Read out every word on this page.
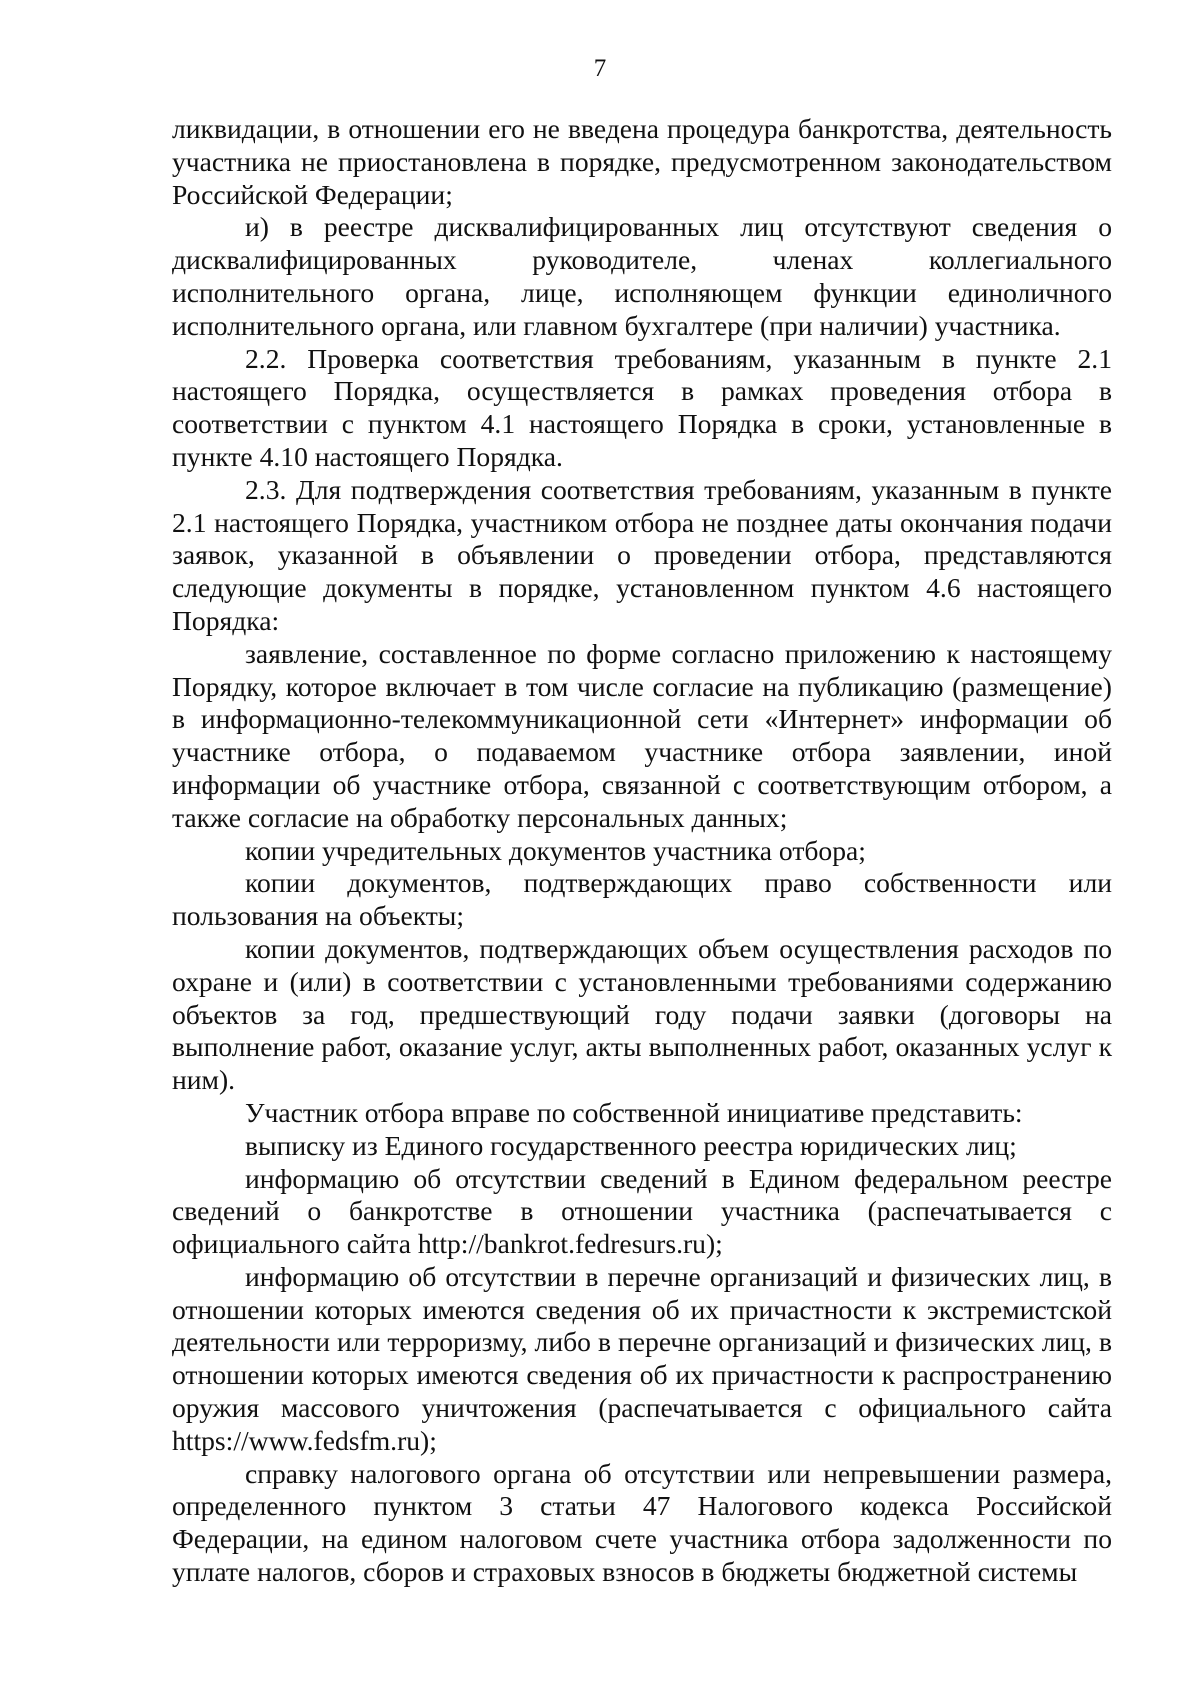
7

ликвидации, в отношении его не введена процедура банкротства, деятельность участника не приостановлена в порядке, предусмотренном законодательством Российской Федерации;

и) в реестре дисквалифицированных лиц отсутствуют сведения о дисквалифицированных руководителе, членах коллегиального исполнительного органа, лице, исполняющем функции единоличного исполнительного органа, или главном бухгалтере (при наличии) участника.

2.2. Проверка соответствия требованиям, указанным в пункте 2.1 настоящего Порядка, осуществляется в рамках проведения отбора в соответствии с пунктом 4.1 настоящего Порядка в сроки, установленные в пункте 4.10 настоящего Порядка.

2.3. Для подтверждения соответствия требованиям, указанным в пункте 2.1 настоящего Порядка, участником отбора не позднее даты окончания подачи заявок, указанной в объявлении о проведении отбора, представляются следующие документы в порядке, установленном пунктом 4.6 настоящего Порядка:

заявление, составленное по форме согласно приложению к настоящему Порядку, которое включает в том числе согласие на публикацию (размещение) в информационно-телекоммуникационной сети «Интернет» информации об участнике отбора, о подаваемом участнике отбора заявлении, иной информации об участнике отбора, связанной с соответствующим отбором, а также согласие на обработку персональных данных;

копии учредительных документов участника отбора;

копии документов, подтверждающих право собственности или пользования на объекты;

копии документов, подтверждающих объем осуществления расходов по охране и (или) в соответствии с установленными требованиями содержанию объектов за год, предшествующий году подачи заявки (договоры на выполнение работ, оказание услуг, акты выполненных работ, оказанных услуг к ним).

Участник отбора вправе по собственной инициативе представить:

выписку из Единого государственного реестра юридических лиц;

информацию об отсутствии сведений в Едином федеральном реестре сведений о банкротстве в отношении участника (распечатывается с официального сайта http://bankrot.fedresurs.ru);

информацию об отсутствии в перечне организаций и физических лиц, в отношении которых имеются сведения об их причастности к экстремистской деятельности или терроризму, либо в перечне организаций и физических лиц, в отношении которых имеются сведения об их причастности к распространению оружия массового уничтожения (распечатывается с официального сайта https://www.fedsfm.ru);

справку налогового органа об отсутствии или непревышении размера, определенного пунктом 3 статьи 47 Налогового кодекса Российской Федерации, на едином налоговом счете участника отбора задолженности по уплате налогов, сборов и страховых взносов в бюджеты бюджетной системы
